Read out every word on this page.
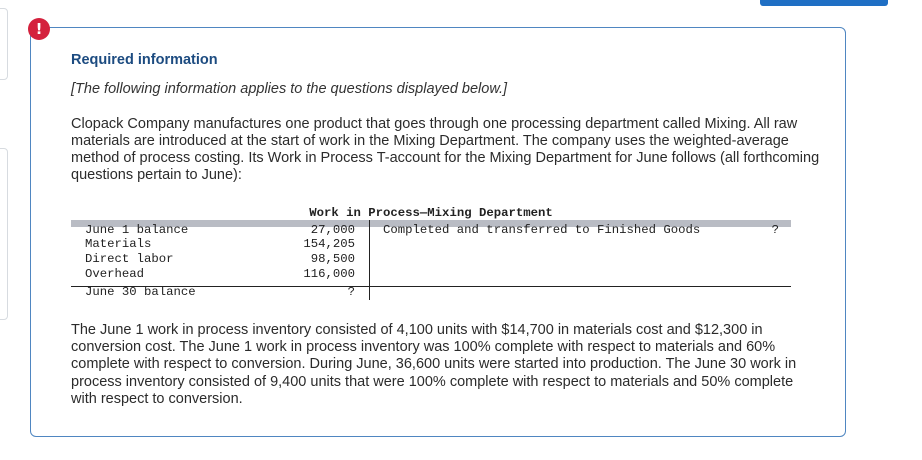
!
Required information
[The following information applies to the questions displayed below.]

Clopack Company manufactures one product that goes through one processing department called Mixing. All raw materials are introduced at the start of work in the Mixing Department. The company uses the weighted-average method of process costing. Its Work in Process T-account for the Mixing Department for June follows (all forthcoming questions pertain to June):

Work in Process—Mixing Department
June 1 balance	27,000 Completed and transferred to Finished Goods	?
Materials	154,205
Direct labor	98,500
Overhead	116,000
June 30 balance	?

The June 1 work in process inventory consisted of 4,100 units with $14,700 in materials cost and $12,300 in conversion cost. The June 1 work in process inventory was 100% complete with respect to materials and 60% complete with respect to conversion. During June, 36,600 units were started into production. The June 30 work in process inventory consisted of 9,400 units that were 100% complete with respect to materials and 50% complete with respect to conversion.
